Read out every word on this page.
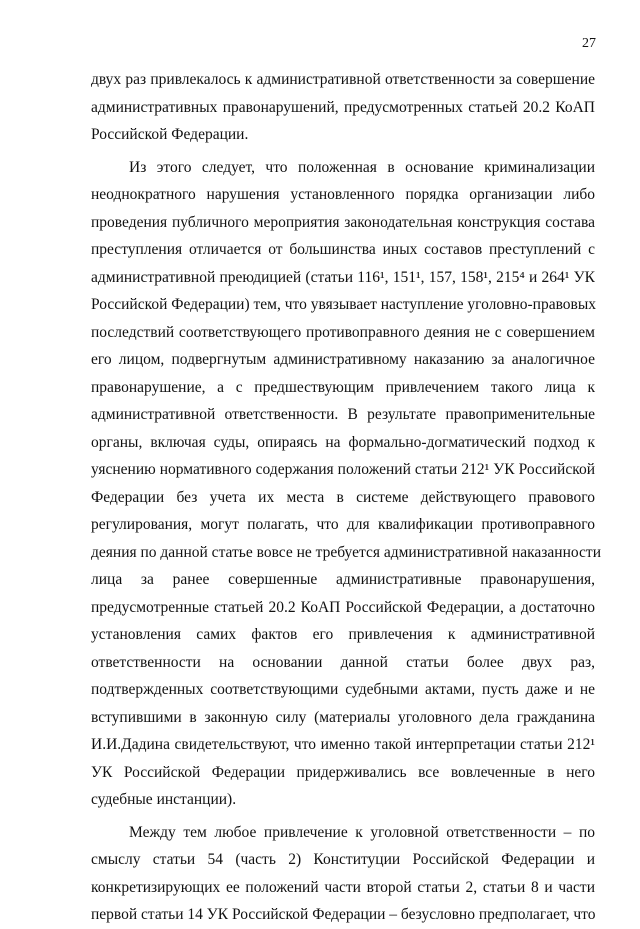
27
двух раз привлекалось к административной ответственности за совершение
административных правонарушений, предусмотренных статьей 20.2 КоАП
Российской Федерации.
Из этого следует, что положенная в основание криминализации
неоднократного нарушения установленного порядка организации либо
проведения публичного мероприятия законодательная конструкция состава
преступления отличается от большинства иных составов преступлений с
административной преюдицией (статьи 116¹, 151¹, 157, 158¹, 215⁴ и 264¹ УК
Российской Федерации) тем, что увязывает наступление уголовно-правовых
последствий соответствующего противоправного деяния не с совершением
его лицом, подвергнутым административному наказанию за аналогичное
правонарушение, а с предшествующим привлечением такого лица к
административной ответственности. В результате правоприменительные
органы, включая суды, опираясь на формально-догматический подход к
уяснению нормативного содержания положений статьи 212¹ УК Российской
Федерации без учета их места в системе действующего правового
регулирования, могут полагать, что для квалификации противоправного
деяния по данной статье вовсе не требуется административной наказанности
лица за ранее совершенные административные правонарушения,
предусмотренные статьей 20.2 КоАП Российской Федерации, а достаточно
установления самих фактов его привлечения к административной
ответственности на основании данной статьи более двух раз,
подтвержденных соответствующими судебными актами, пусть даже и не
вступившими в законную силу (материалы уголовного дела гражданина
И.И.Дадина свидетельствуют, что именно такой интерпретации статьи 212¹
УК Российской Федерации придерживались все вовлеченные в него
судебные инстанции).
Между тем любое привлечение к уголовной ответственности – по
смыслу статьи 54 (часть 2) Конституции Российской Федерации и
конкретизирующих ее положений части второй статьи 2, статьи 8 и части
первой статьи 14 УК Российской Федерации – безусловно предполагает, что
